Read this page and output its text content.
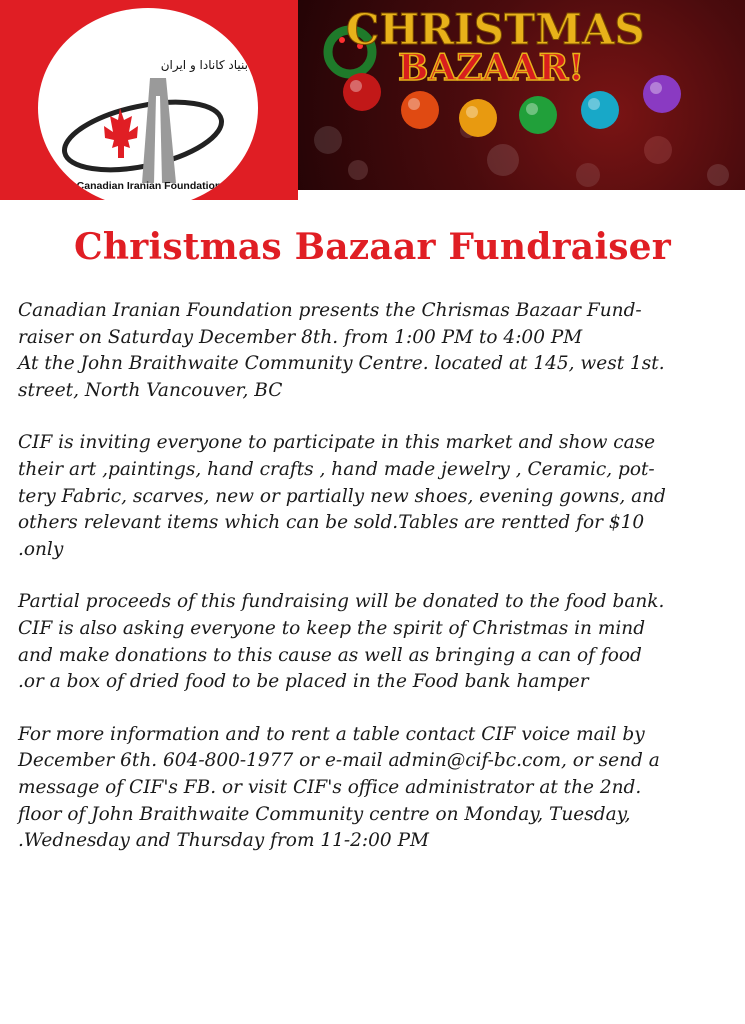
بنیاد کانادا و ایران
Canadian Iranian Foundation
CHRISTMAS
BAZAAR!
Christmas Bazaar Fundraiser
Canadian Iranian Foundation presents the Chrismas Bazaar Fund-
raiser on Saturday December 8th. from 1:00 PM to 4:00 PM
At the John Braithwaite Community Centre. located at 145, west 1st.
street, North Vancouver, BC
CIF is inviting everyone to participate in this market and show case
their art ,paintings, hand crafts , hand made jewelry , Ceramic, pot-
tery Fabric, scarves, new or partially new shoes, evening gowns, and
others relevant items which can be sold.Tables are rentted for $10
.only
Partial proceeds of this fundraising will be donated to the food bank.
CIF is also asking everyone to keep the spirit of Christmas in mind
and make donations to this cause as well as bringing a can of food
.or a box of dried food to be placed in the Food bank hamper
For more information and to rent a table contact CIF voice mail by
December 6th. 604-800-1977 or e-mail admin@cif-bc.com, or send a
message of CIF's FB. or visit CIF's office administrator at the 2nd.
floor of John Braithwaite Community centre on Monday, Tuesday,
.Wednesday and Thursday from 11-2:00 PM
